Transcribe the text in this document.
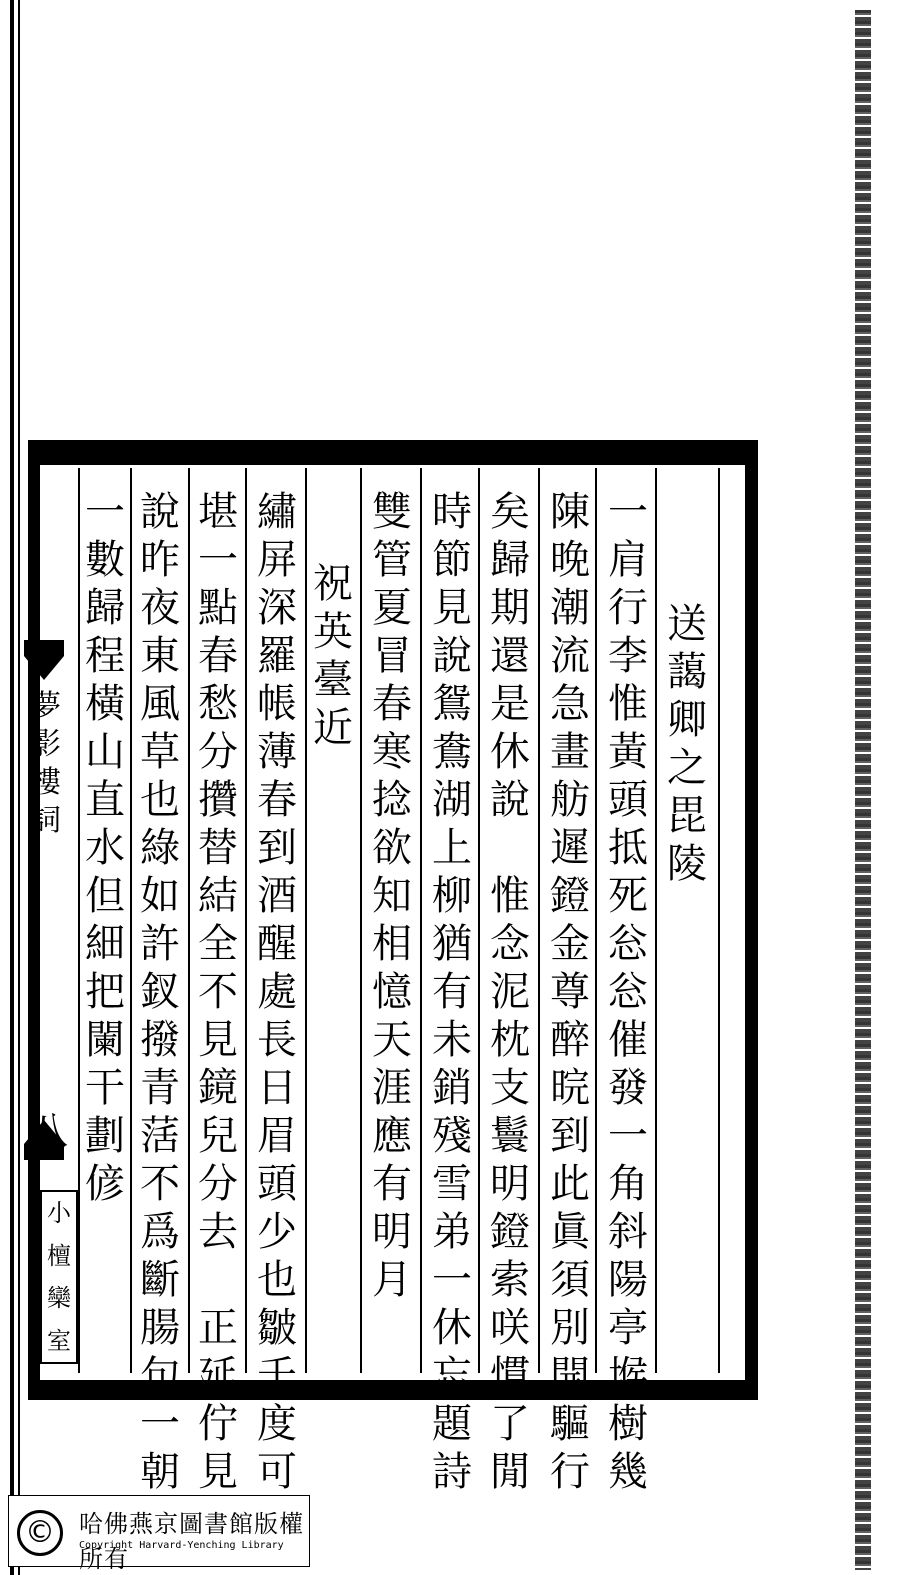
夢
影
樓
詞
八
小
檀
欒
室
送
藹
卿
之
毘
陵
一
肩
行
李
惟
黃
頭
抵
死
忩
忩
催
發
一
角
斜
陽
亭
堠
樹
幾
陳
晚
潮
流
急
畫
舫
遲
鐙
金
尊
醉
晥
到
此
眞
須
別
開
驅
行
矣
歸
期
還
是
休
說

惟
念
泥
枕
支
鬟
明
鐙
索
咲
慣
了
閒
時
節
見
說
鴛
鴦
湖
上
柳
猶
有
未
銷
殘
雪
弟
一
休
忘
題
詩
雙
管
夏
冒
春
寒
捻
欲
知
相
憶
天
涯
應
有
明
月
祝
英
臺
近
繡
屏
深
羅
帳
薄
春
到
酒
醒
處
長
日
眉
頭
少
也
皺
千
度
可
堪
一
點
春
愁
分
攢
替
結
全
不
見
鏡
兒
分
去

正
延
佇
見
說
昨
夜
東
風
草
也
綠
如
許
釵
撥
青
萿
不
爲
斷
腸
句
一
朝
一
數
歸
程
橫
山
直
水
但
細
把
闌
干
劃
偐
©	哈佛燕京圖書館版權所有
Copyright Harvard-Yenching Library
